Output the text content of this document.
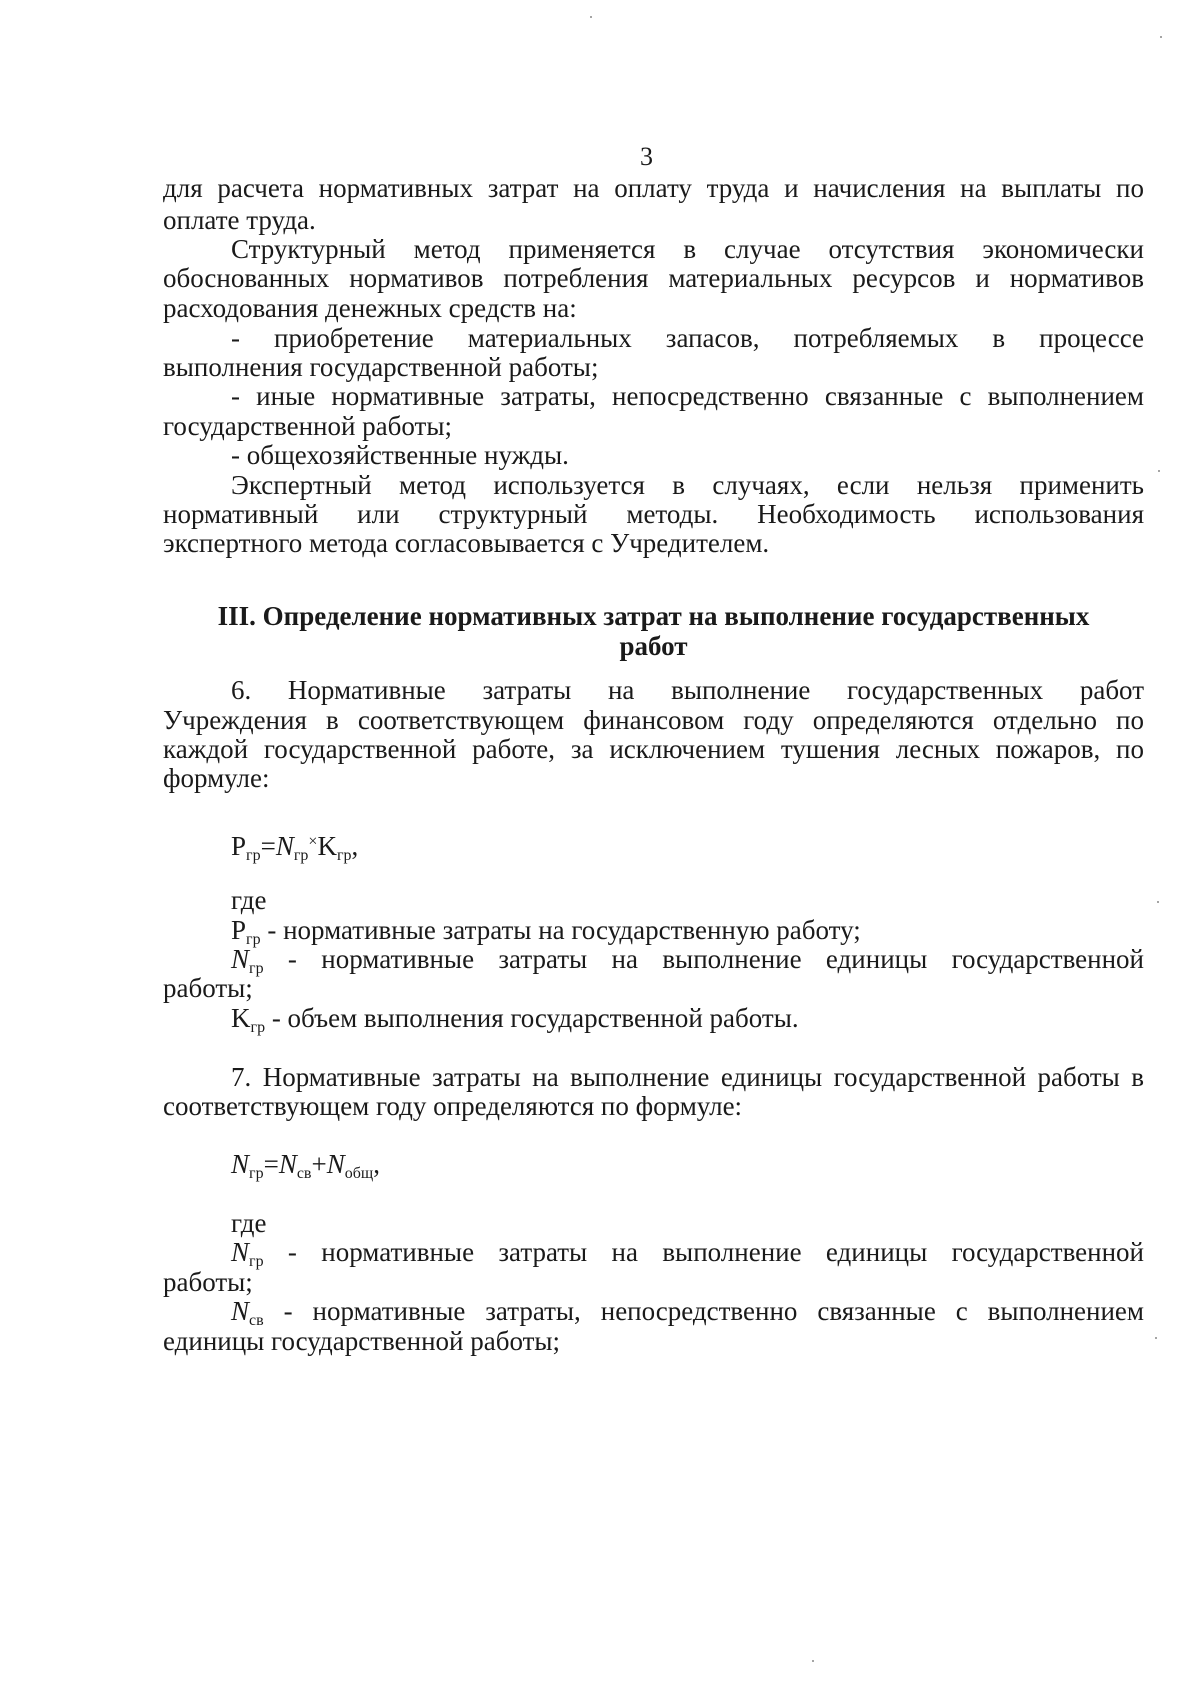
3
для расчета нормативных затрат на оплату труда и начисления на выплаты по
оплате труда.
Структурный метод применяется в случае отсутствия экономически
обоснованных нормативов потребления материальных ресурсов и нормативов
расходования денежных средств на:
- приобретение материальных запасов, потребляемых в процессе
выполнения государственной работы;
- иные нормативные затраты, непосредственно связанные с выполнением
государственной работы;
- общехозяйственные нужды.
Экспертный метод используется в случаях, если нельзя применить
нормативный или структурный методы. Необходимость использования
экспертного метода согласовывается с Учредителем.
III. Определение нормативных затрат на выполнение государственных
работ
6. Нормативные затраты на выполнение государственных работ
Учреждения в соответствующем финансовом году определяются отдельно по
каждой государственной работе, за исключением тушения лесных пожаров, по
формуле:
$P_{гр}=N_{гр}^\times K_{гр}$,
где
$P_{гр}$ - нормативные затраты на государственную работу;
$N_{гр}$ - нормативные затраты на выполнение единицы государственной
работы;
$K_{гр}$ - объем выполнения государственной работы.
7. Нормативные затраты на выполнение единицы государственной работы в
соответствующем году определяются по формуле:
$N_{гр}=N_{св}+N_{общ}$,
где
$N_{гр}$ - нормативные затраты на выполнение единицы государственной
работы;
$N_{св}$ - нормативные затраты, непосредственно связанные с выполнением
единицы государственной работы;
